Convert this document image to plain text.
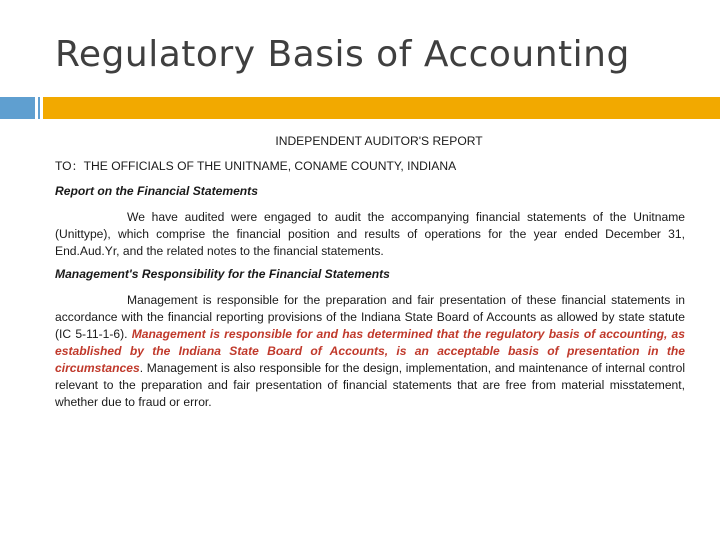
Regulatory Basis of Accounting
INDEPENDENT AUDITOR'S REPORT
TO：THE OFFICIALS OF THE UNITNAME, CONAME COUNTY, INDIANA
Report on the Financial Statements
We have audited were engaged to audit the accompanying financial statements of the Unitname (Unittype), which comprise the financial position and results of operations for the year ended December 31, End.Aud.Yr, and the related notes to the financial statements.
Management's Responsibility for the Financial Statements
Management is responsible for the preparation and fair presentation of these financial statements in accordance with the financial reporting provisions of the Indiana State Board of Accounts as allowed by state statute (IC 5-11-1-6). Management is responsible for and has determined that the regulatory basis of accounting, as established by the Indiana State Board of Accounts, is an acceptable basis of presentation in the circumstances. Management is also responsible for the design, implementation, and maintenance of internal control relevant to the preparation and fair presentation of financial statements that are free from material misstatement, whether due to fraud or error.
